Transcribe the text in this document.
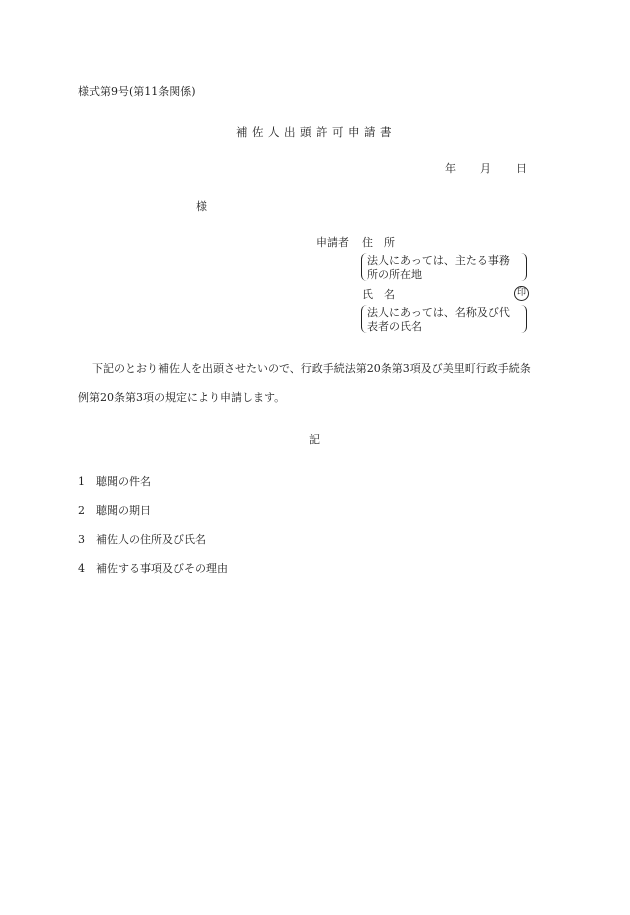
様式第9号(第11条関係)
補佐人出頭許可申請書
年 月 日
様
申請者 住　所
法人にあっては、主たる事務
所の所在地
氏　名	印
法人にあっては、名称及び代
表者の氏名
下記のとおり補佐人を出頭させたいので、行政手続法第20条第3項及び美里町行政手続条
例第20条第3項の規定により申請します。
記
1 聴聞の件名
2 聴聞の期日
3 補佐人の住所及び氏名
4 補佐する事項及びその理由
